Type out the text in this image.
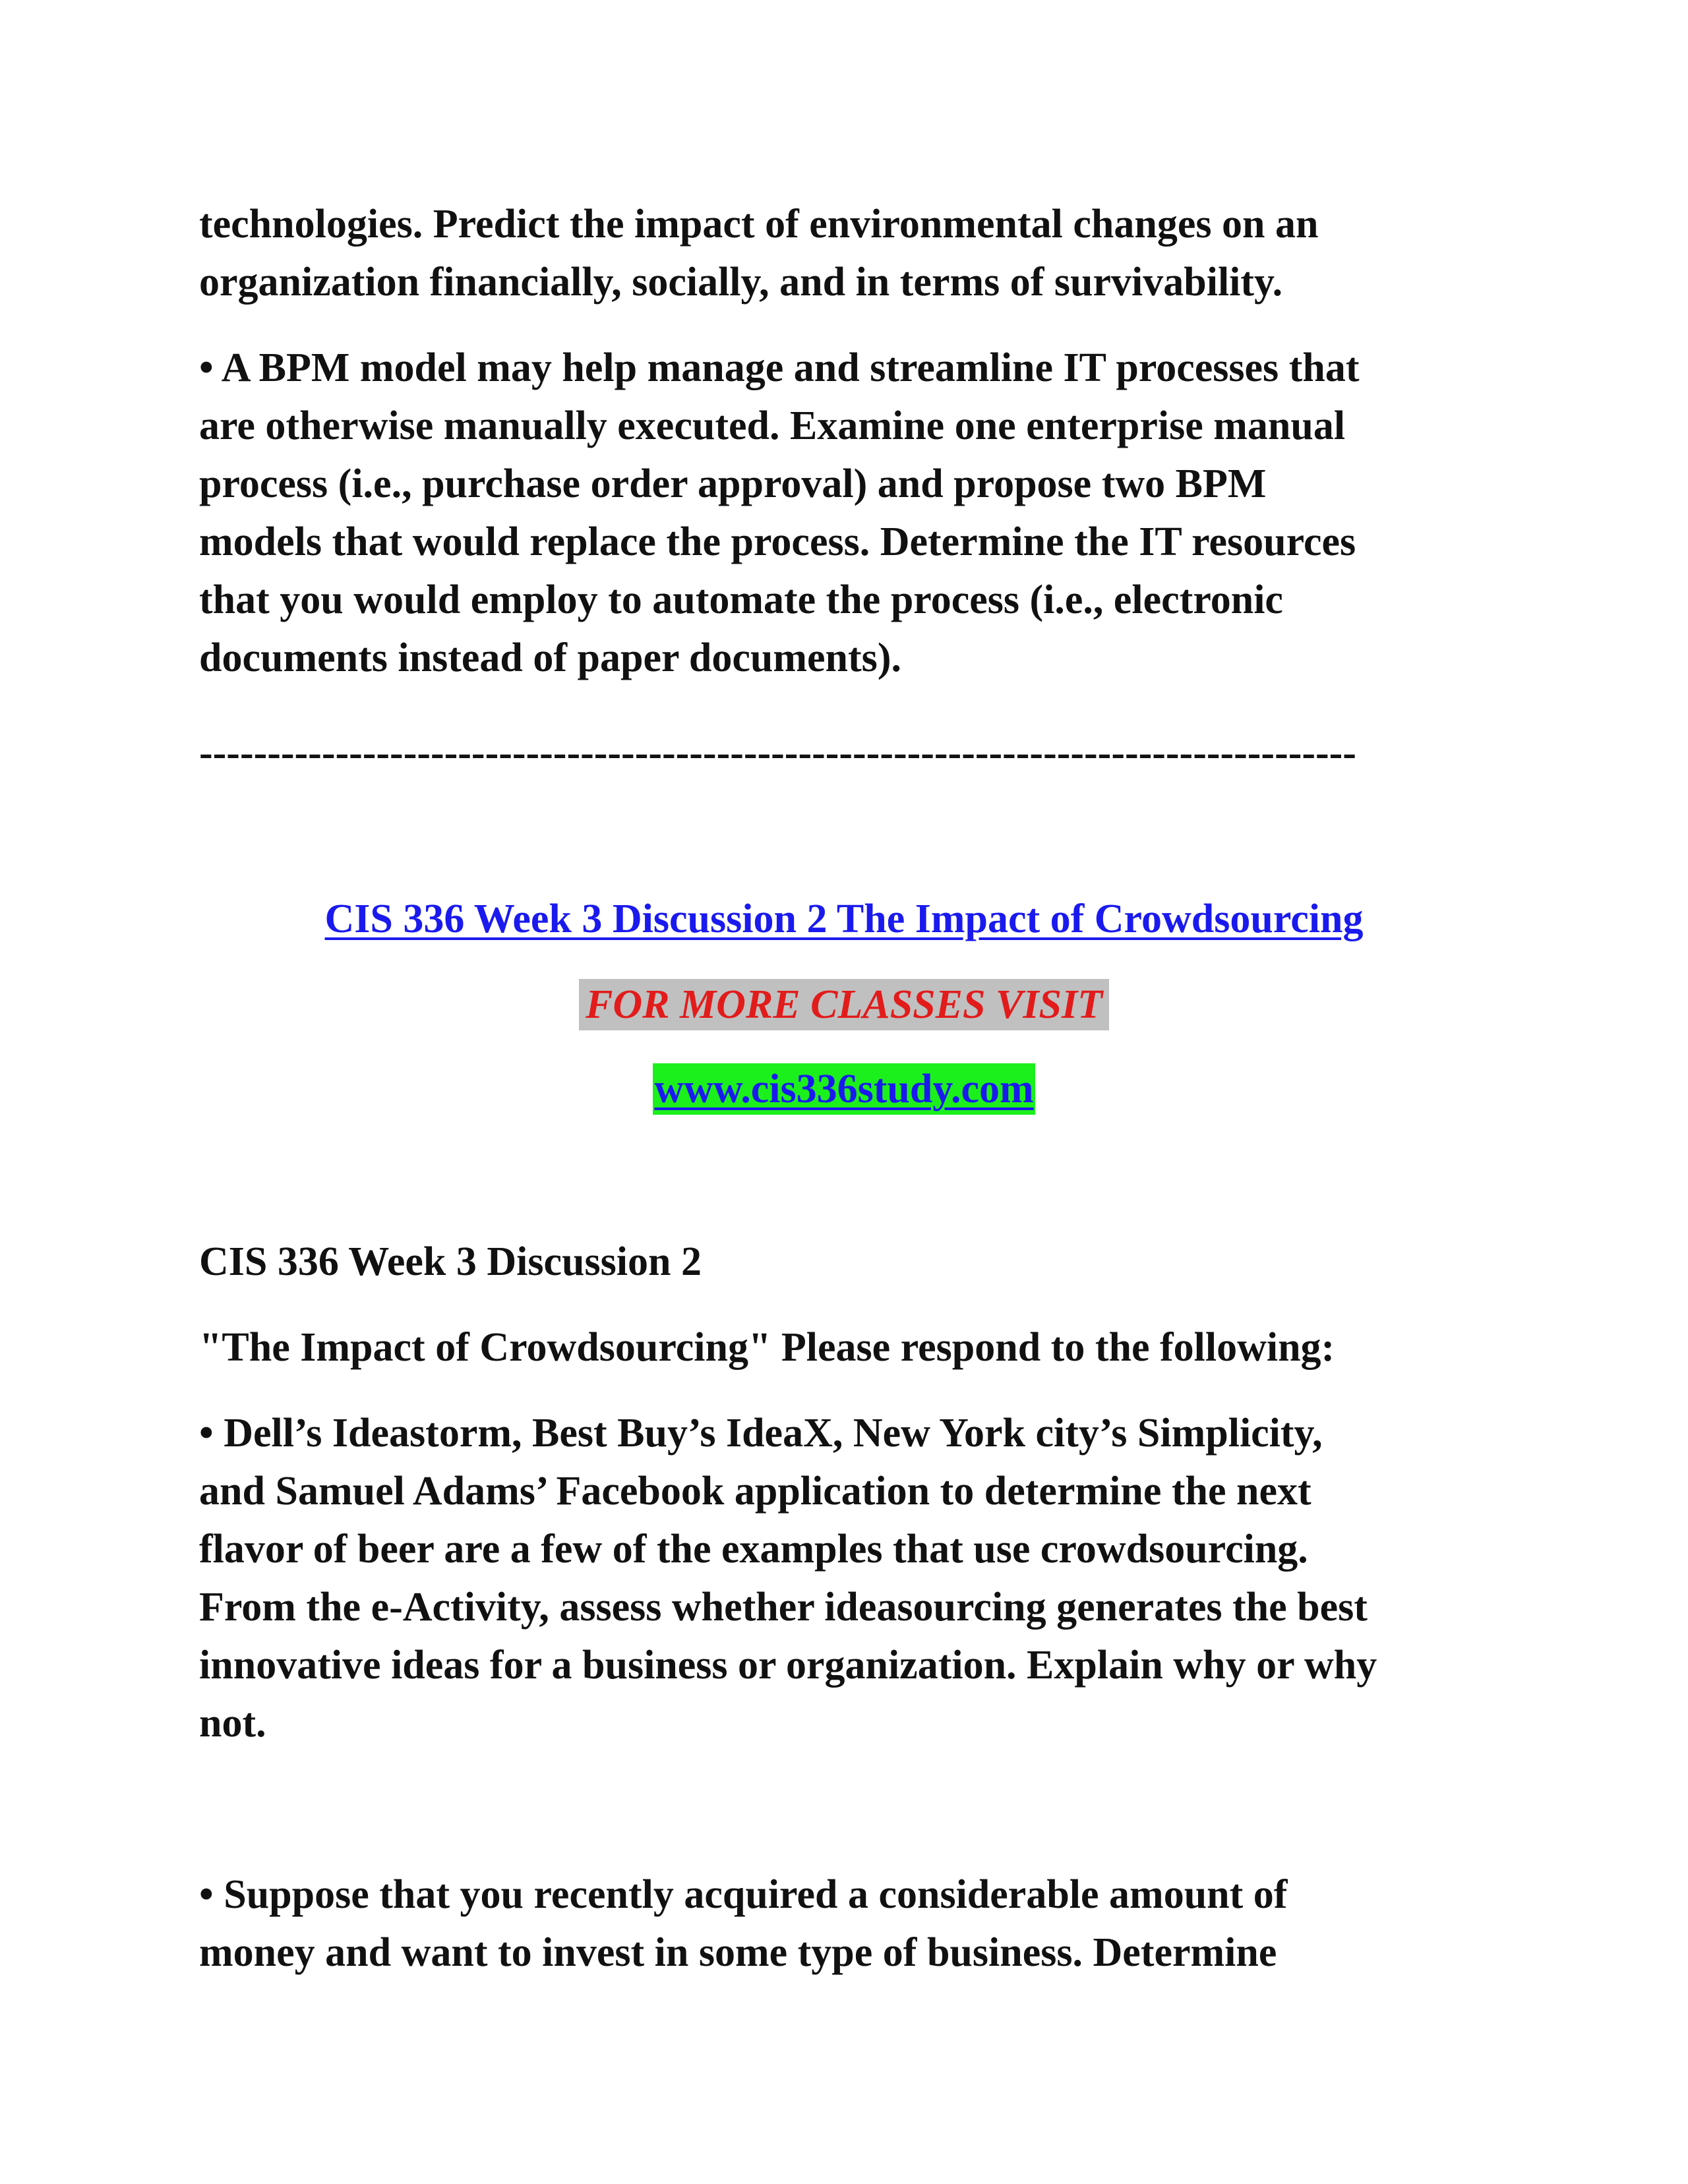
technologies. Predict the impact of environmental changes on an
organization financially, socially, and in terms of survivability.
• A BPM model may help manage and streamline IT processes that
are otherwise manually executed. Examine one enterprise manual
process (i.e., purchase order approval) and propose two BPM
models that would replace the process. Determine the IT resources
that you would employ to automate the process (i.e., electronic
documents instead of paper documents).
-------------------------------------------------------------------------------------
CIS 336 Week 3 Discussion 2 The Impact of Crowdsourcing
FOR MORE CLASSES VISIT
www.cis336study.com
CIS 336 Week 3 Discussion 2
"The Impact of Crowdsourcing" Please respond to the following:
• Dell’s Ideastorm, Best Buy’s IdeaX, New York city’s Simplicity,
and Samuel Adams’ Facebook application to determine the next
flavor of beer are a few of the examples that use crowdsourcing.
From the e-Activity, assess whether ideasourcing generates the best
innovative ideas for a business or organization. Explain why or why
not.
• Suppose that you recently acquired a considerable amount of
money and want to invest in some type of business. Determine
